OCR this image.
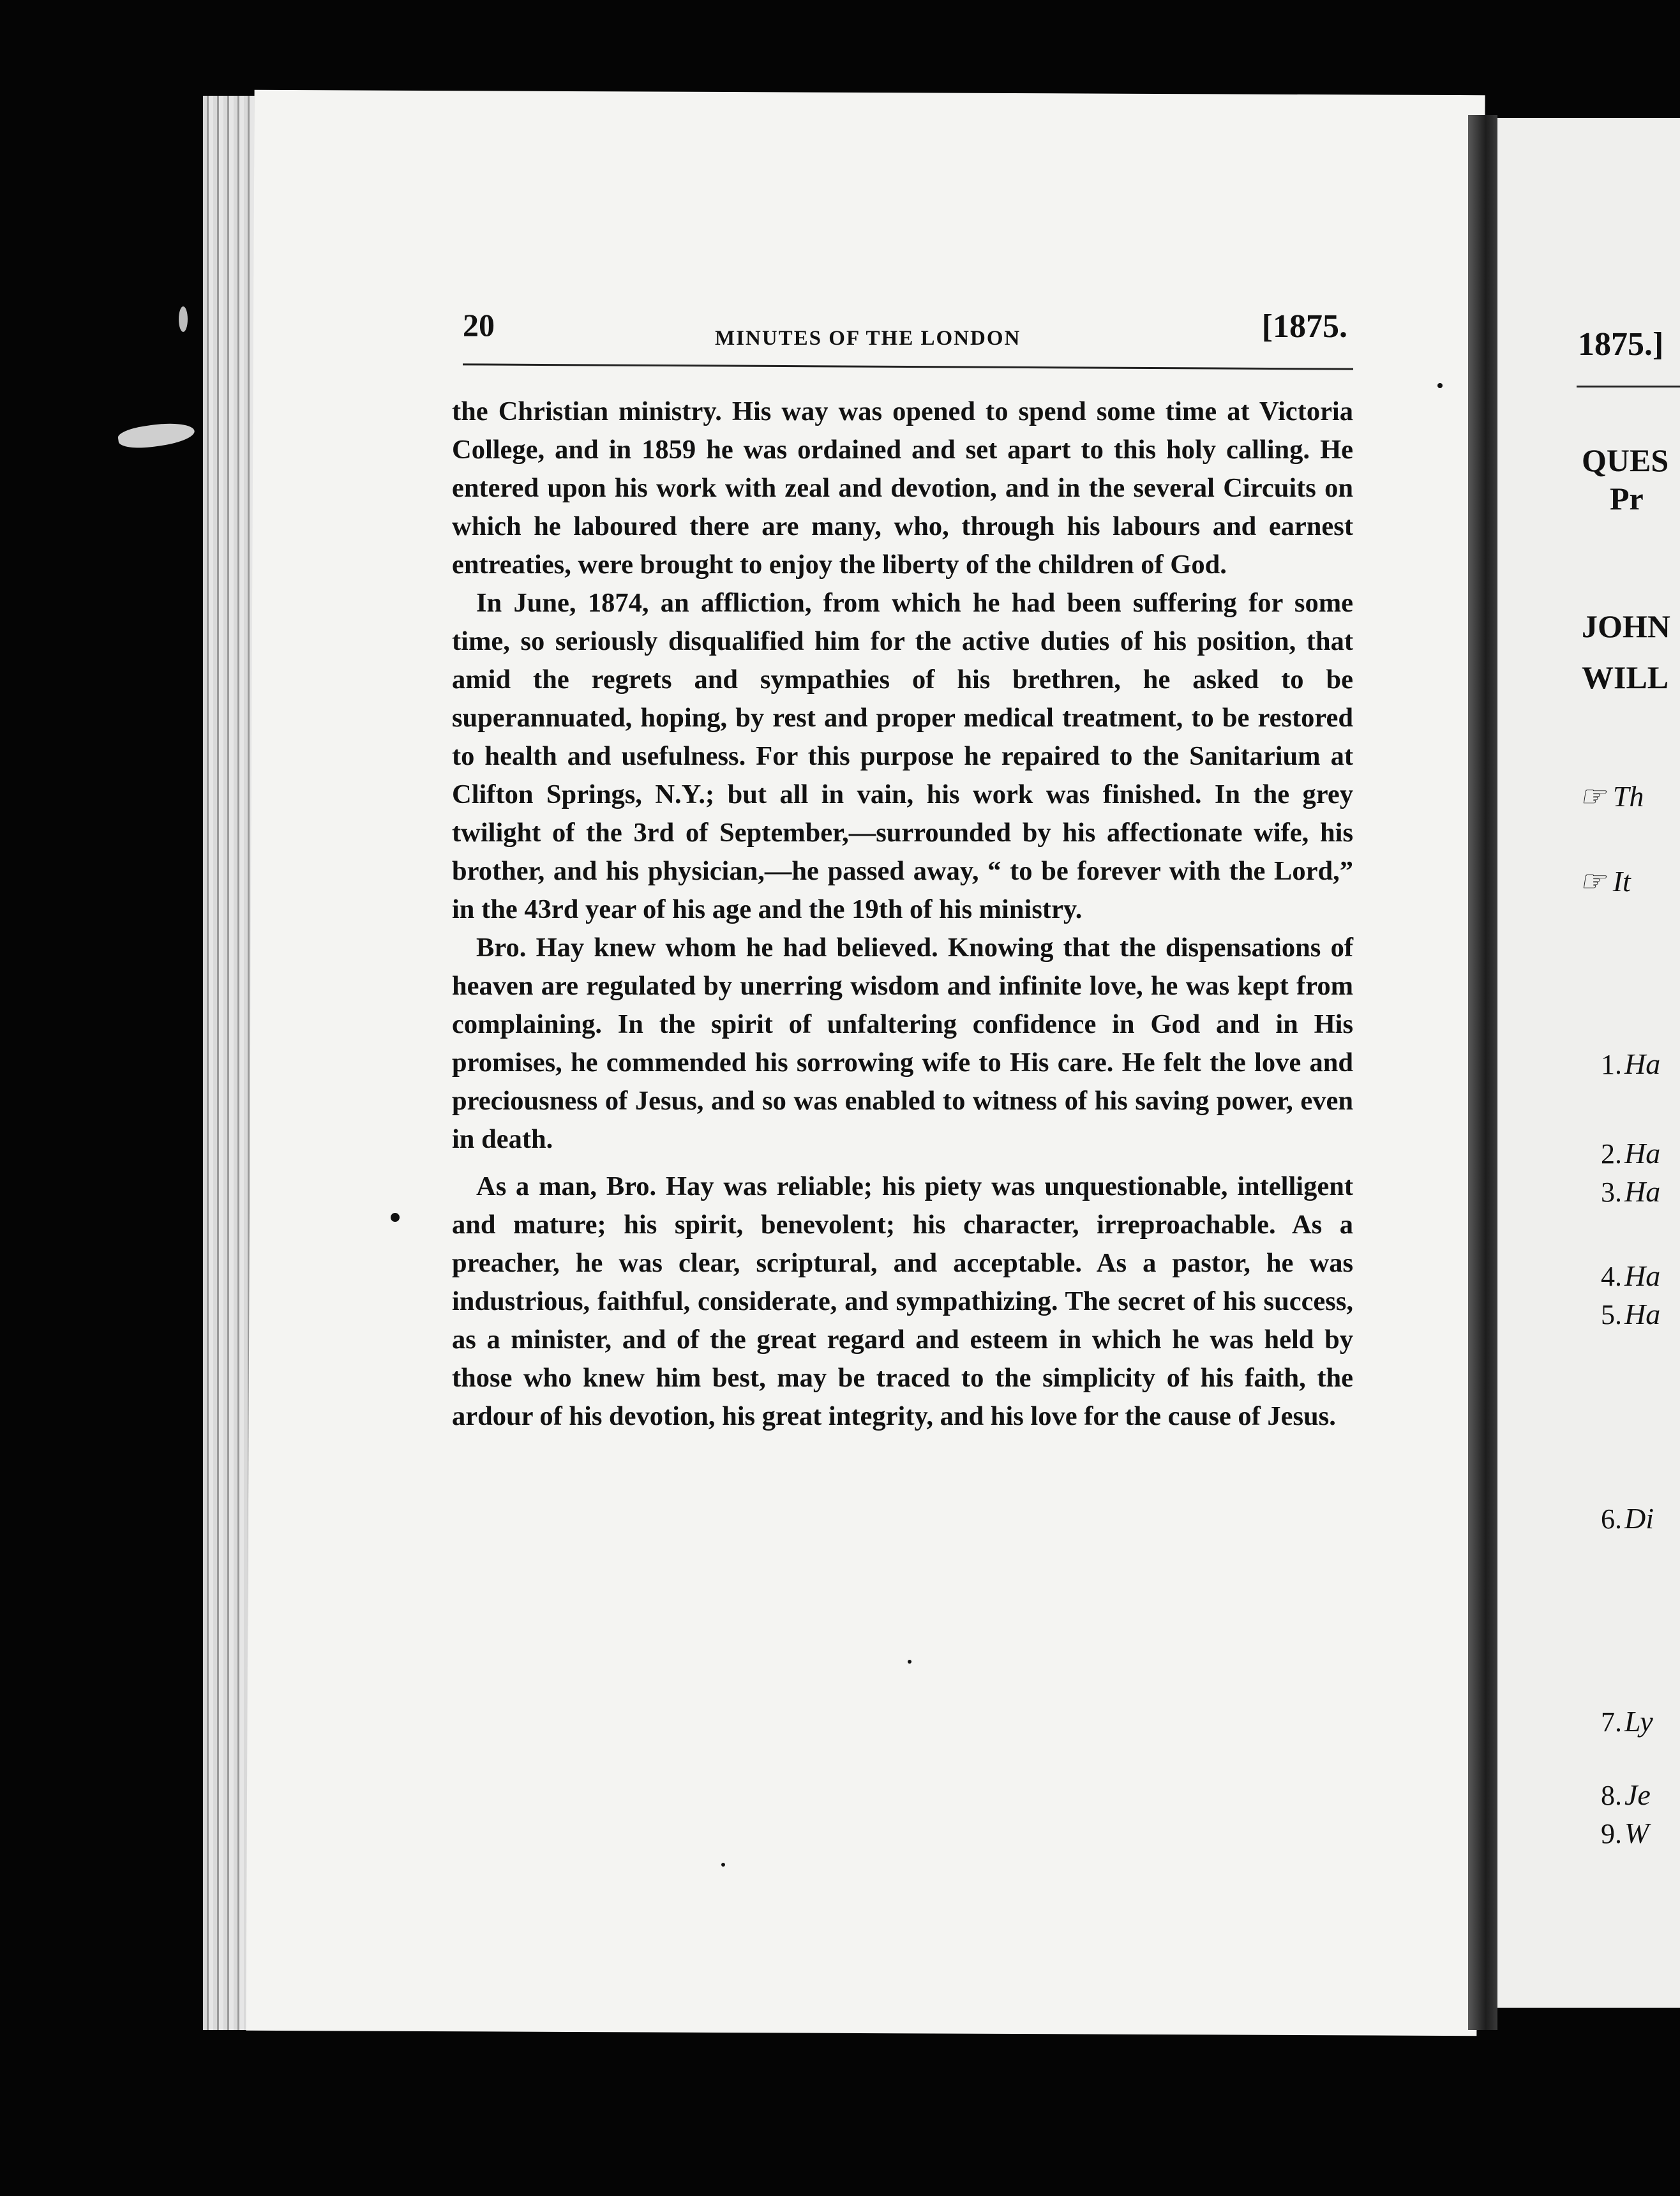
20	MINUTES OF THE LONDON	[1875.

the Christian ministry. His way was opened to spend some time at Victoria College, and in 1859 he was ordained and set apart to this holy calling. He entered upon his work with zeal and devotion, and in the several Circuits on which he laboured there are many, who, through his labours and earnest entreaties, were brought to enjoy the liberty of the children of God.

In June, 1874, an affliction, from which he had been suffering for some time, so seriously disqualified him for the active duties of his position, that amid the regrets and sympathies of his brethren, he asked to be superannuated, hoping, by rest and proper medical treatment, to be restored to health and usefulness. For this purpose he repaired to the Sanitarium at Clifton Springs, N.Y.; but all in vain, his work was finished. In the grey twilight of the 3rd of September,—surrounded by his affectionate wife, his brother, and his physician,—he passed away, “ to be forever with the Lord,” in the 43rd year of his age and the 19th of his ministry.

Bro. Hay knew whom he had believed. Knowing that the dispensations of heaven are regulated by unerring wisdom and infinite love, he was kept from complaining. In the spirit of unfaltering confidence in God and in His promises, he commended his sorrowing wife to His care. He felt the love and preciousness of Jesus, and so was enabled to witness of his saving power, even in death.

As a man, Bro. Hay was reliable; his piety was unquestionable, intelligent and mature; his spirit, benevolent; his character, irreproachable. As a preacher, he was clear, scriptural, and acceptable. As a pastor, he was industrious, faithful, considerate, and sympathizing. The secret of his success, as a minister, and of the great regard and esteem in which he was held by those who knew him best, may be traced to the simplicity of his faith, the ardour of his devotion, his great integrity, and his love for the cause of Jesus.

1875.]
QUES
Pr
JOHN
WILL
☞ Th
☞ It
1. Ha
2. Ha
3. Ha
4. Ha
5. Ha
6. Di
7. Ly
8. Je
9. W
